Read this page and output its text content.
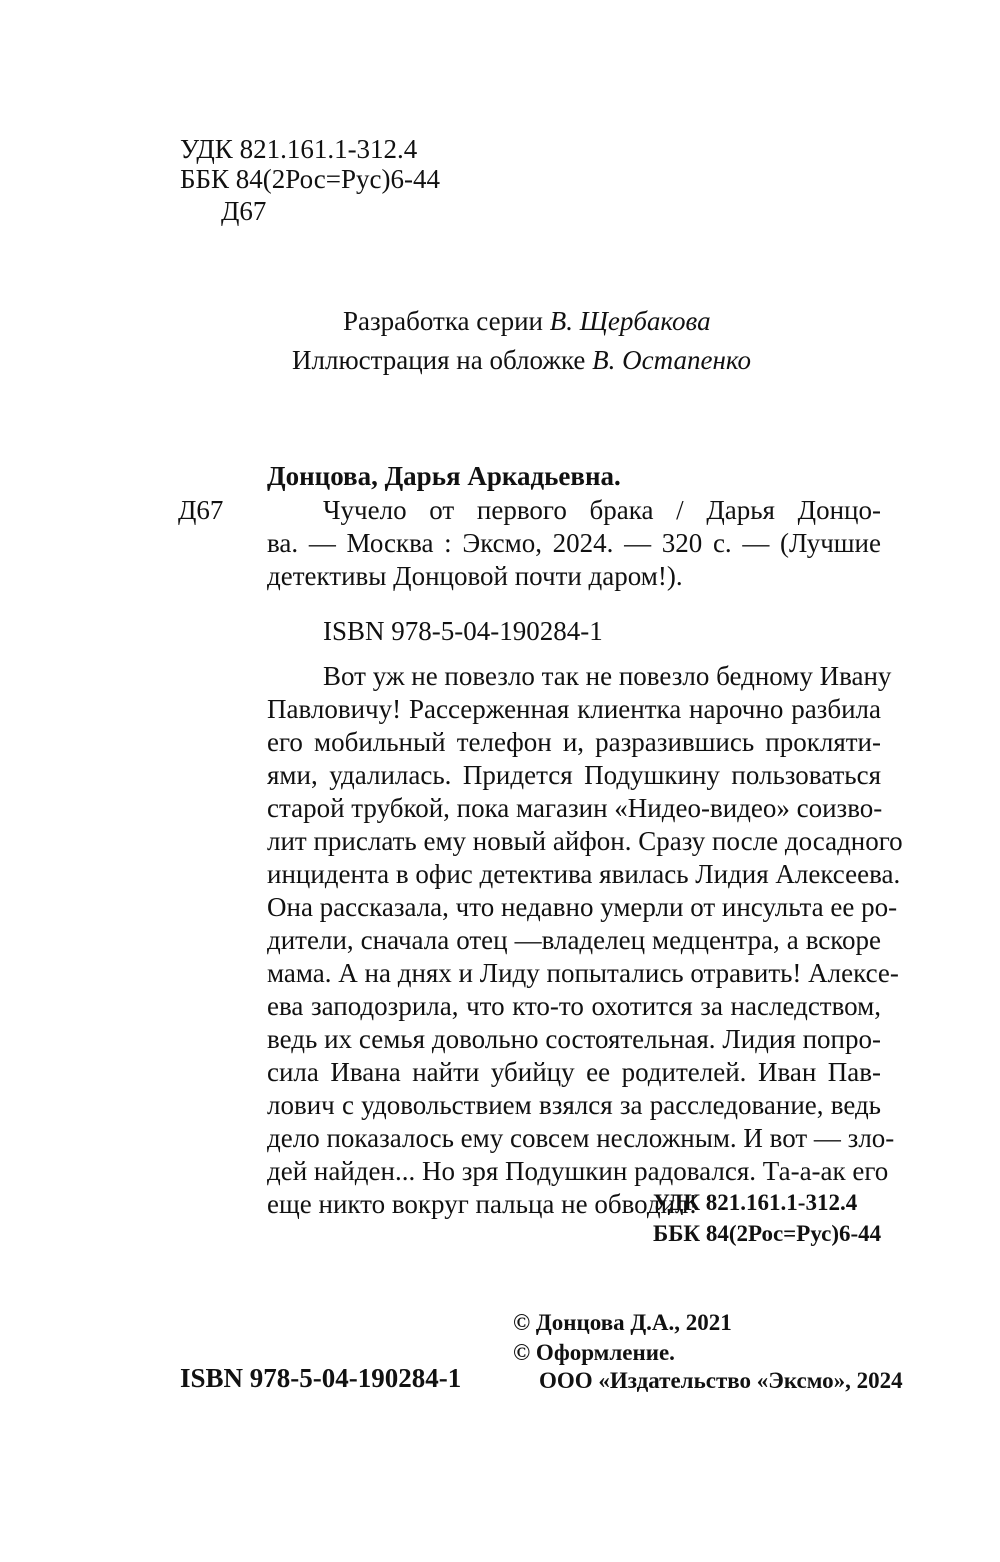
УДК 821.161.1-312.4
ББК 84(2Рос=Рус)6-44
Д67
Разработка серии В. Щербакова
Иллюстрация на обложке В. Остапенко
Донцова, Дарья Аркадьевна.
Д67	Чучело от первого брака / Дарья Донцо-
ва. — Москва : Эксмо, 2024. — 320 с. — (Лучшие
детективы Донцовой почти даром!).
ISBN 978-5-04-190284-1
Вот уж не повезло так не повезло бедному Ивану
Павловичу! Рассерженная клиентка нарочно разбила
его мобильный телефон и, разразившись прокляти-
ями, удалилась. Придется Подушкину пользоваться
старой трубкой, пока магазин «Нидео-видео» соизво-
лит прислать ему новый айфон. Сразу после досадного
инцидента в офис детектива явилась Лидия Алексеева.
Она рассказала, что недавно умерли от инсульта ее ро-
дители, сначала отец —владелец медцентра, а вскоре
мама. А на днях и Лиду попытались отравить! Алексе-
ева заподозрила, что кто-то охотится за наследством,
ведь их семья довольно состоятельная. Лидия попро-
сила Ивана найти убийцу ее родителей. Иван Пав-
лович с удовольствием взялся за расследование, ведь
дело показалось ему совсем несложным. И вот — зло-
дей найден... Но зря Подушкин радовался. Та-а-ак его
еще никто вокруг пальца не обводил!
УДК 821.161.1-312.4
ББК 84(2Рос=Рус)6-44
© Донцова Д.А., 2021
© Оформление.
ООО «Издательство «Эксмо», 2024
ISBN 978-5-04-190284-1
